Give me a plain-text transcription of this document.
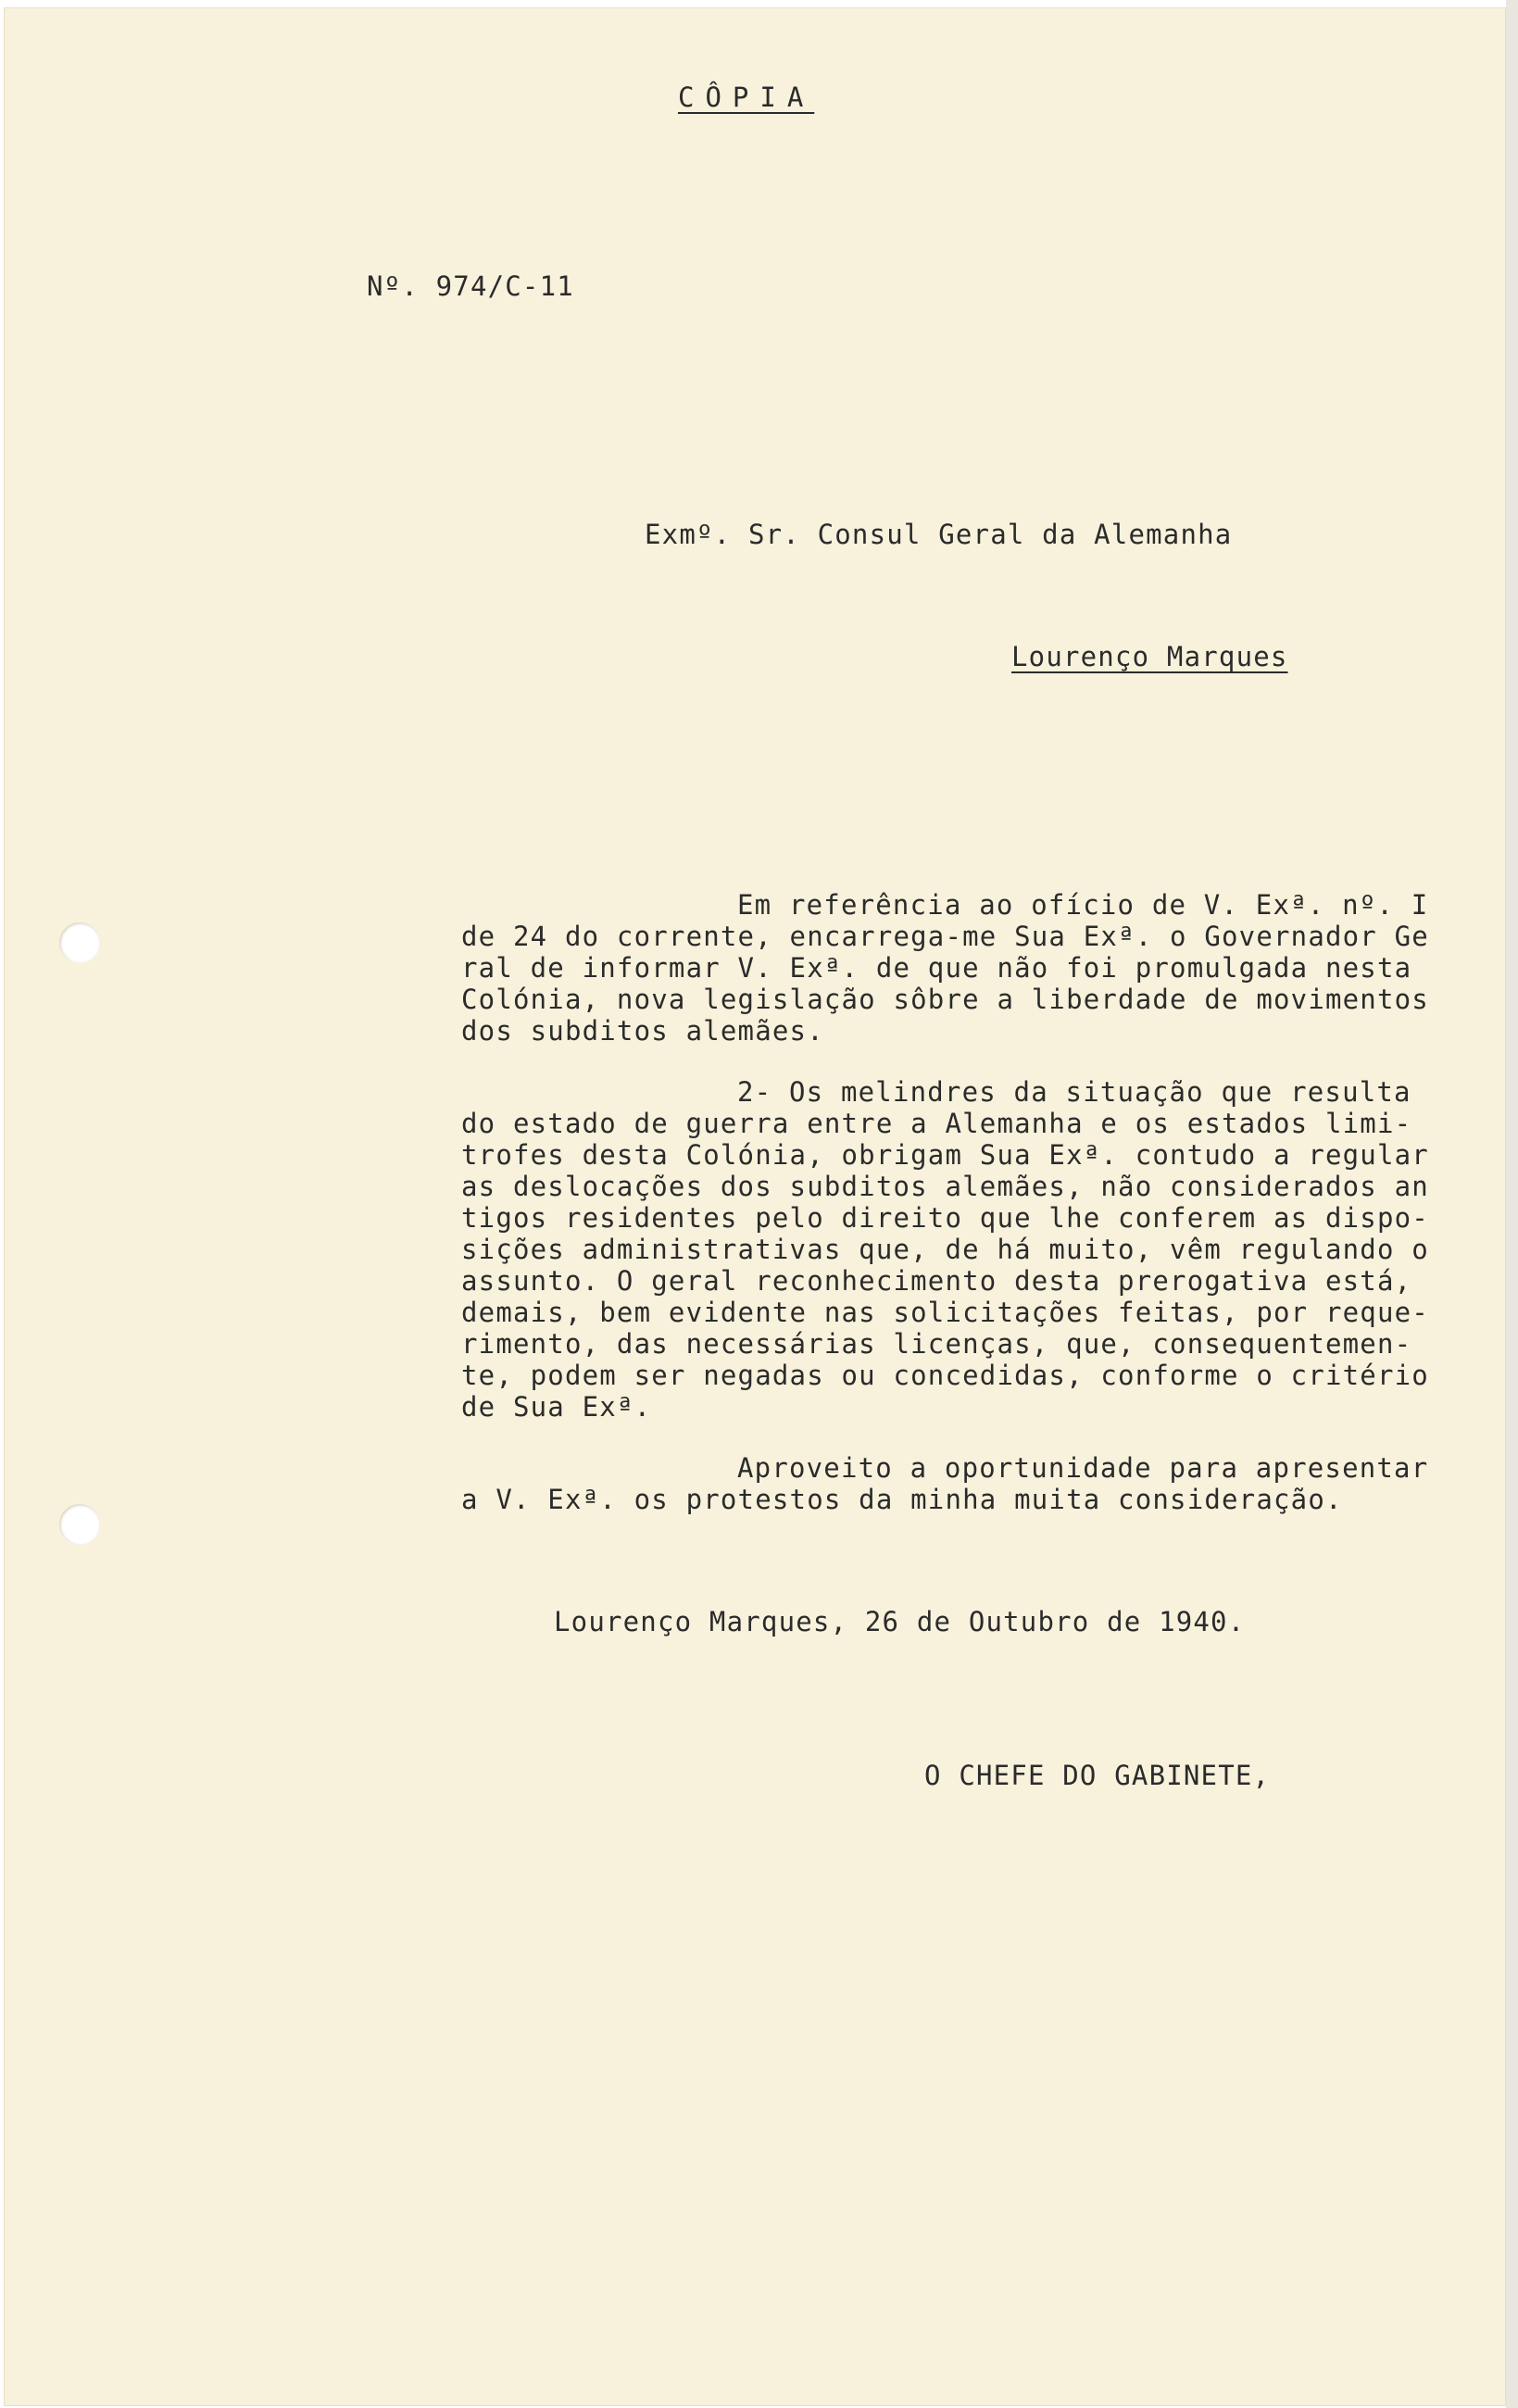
CÔPIA
Nº. 974/C-11
Exmº. Sr. Consul Geral da Alemanha
Lourenço Marques
Em referência ao ofício de V. Exª. nº. I
de 24 do corrente, encarrega-me Sua Exª. o Governador Ge
ral de informar V. Exª. de que não foi promulgada nesta
Colónia, nova legislação sôbre a liberdade de movimentos
dos subditos alemães.
2- Os melindres da situação que resulta
do estado de guerra entre a Alemanha e os estados limi-
trofes desta Colónia, obrigam Sua Exª. contudo a regular
as deslocações dos subditos alemães, não considerados an
tigos residentes pelo direito que lhe conferem as dispo-
sições administrativas que, de há muito, vêm regulando o
assunto. O geral reconhecimento desta prerogativa está,
demais, bem evidente nas solicitações feitas, por reque-
rimento, das necessárias licenças, que, consequentemen-
te, podem ser negadas ou concedidas, conforme o critério
de Sua Exª.
Aproveito a oportunidade para apresentar
a V. Exª. os protestos da minha muita consideração.
Lourenço Marques, 26 de Outubro de 1940.
O CHEFE DO GABINETE,
